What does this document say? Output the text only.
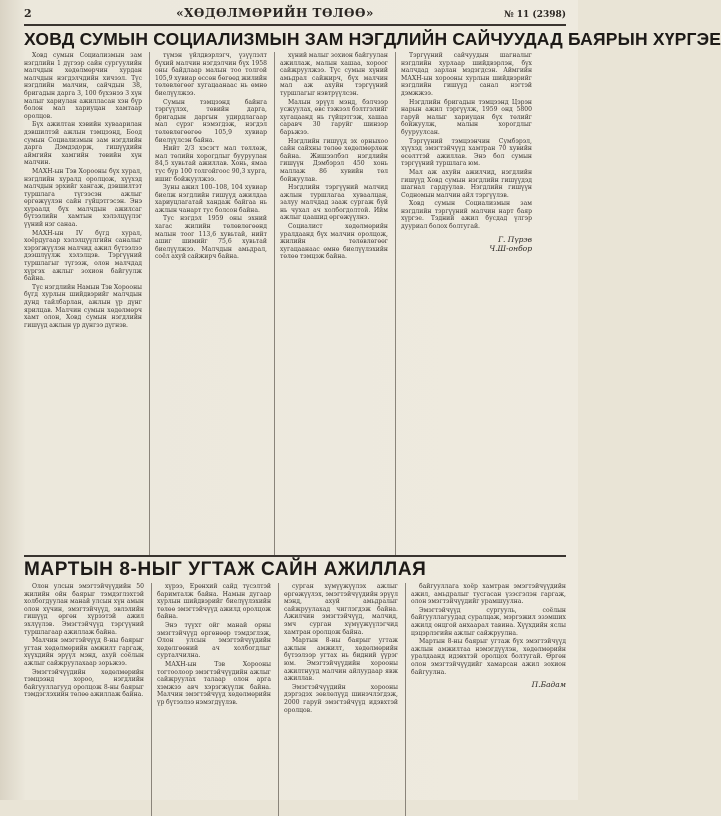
2	«ХӨДӨЛМӨРИЙН ТӨЛӨӨ»	№ 11 (2398)
ХОВД СУМЫН СОЦИАЛИЗМЫН ЗАМ НЭГДЛИЙН САЙЧУУДАД БАЯРЫН ХҮРГЭЕ

Ховд сумын Социализмын зам нэгдлийн 1 дүгээр сайн сургуулийн малчдын хөдөлмөрчин хурдан малчдын нэгдэлчдийн хичээл. Түс нэгдлийн малчин, сайчдын 38, бригадын дарга 3, 100 бүхэнээ 3 хүн малыг хариулан ажилласан хэн бүр болон мал хариуцан хамтаар оролцов.

Бүх ажилтан хэвийн хуваарилан дэвшилтэй ажлын тэмцээнд, Боод сумын Социализмын зам нэгдлийн дарга Дэмдэдорж, гишүүдийн аймгийн хамгийн төвийн хүн малчин.

МАХН-ын Тэв Хорооны бүх хурал, нэгдлийн хуралд оролцож, хүүхэд малчдын эрхийг хангаж, дэвшилтэт туршлага түгээсэн ажлыг өргөжүүлэн сайн гүйцэтгэсэн. Энэ хураалд бүх малчдын ажилсаг бүтээлийн хамтын хэлэлцүүлэг үүний нэг санаа.

МАХН-ын IV бүгд хурал, хоёрдугаар хэлэлцүүлгийн саналыг хэрэгжүүлэн малчид ажил бүтээлээ дээшлүүлж хэлэлцэв. Тэргүүний туршлагыг түгээж, олон малчдад хүргэх ажлыг зохион байгуулж байна.

Түс нэгдлийн Намын Тэв Хорооны бүгд хурлын шийдвэрийг малчдын дунд тайлбарлан, ажлын үр дүнг ярилцав. Малчин сумын хөдөлмөрч хамт олон, Ховд сумын нэгдлийн гишүүд ажлын үр дүнгээ дүгнэв.

түмэн үйлдвэрлэгч, үзүүлэлт бүхий малчин нэгдэлчин бүх 1958 оны байдлаар малын тоо толгой 105,9 хувиар өссөн бөгөөд жилийн төлөвлөгөөг хугацаанаас нь өмнө биелүүлжээ.

Сумын тэмцээнд байнга тэргүүлэх, төвийн дарга, бригадын даргын удирдлагаар мал сүрэг нэмэгдэж, нэгдэл төлөвлөгөөгөө 105,9 хувиар биелүүлсэн байна.

Нийт 2/3 хэсэгт мал төллөж, мал төлийн хорогдлыг бууруулан 84,5 хувьтай ажиллав. Хонь, ямаа тус бүр 100 толгойгоос 90,3 хурга, ишиг бойжуулжээ.

Зуны ажил 100–108, 104 хувиар биелж нэгдлийн гишүүд ажилдаа хариуцлагатай хандаж байгаа нь ажлын чанарт тус болсон байна.

Тус нэгдэл 1959 оны эхний хагас жилийн төлөвлөгөөнд малын тоог 113,6 хувьтай, нийт ашиг шимийг 75,6 хувьтай биелүүлжээ. Малчдын амьдрал, соёл ахуй сайжирч байна.

хүний малыг зохион байгуулан ажиллаж, малын хашаа, хороог сайжруулжээ. Түс сумын хүний амьдрал сайжирч, бүх малчин мал аж ахуйн тэргүүний туршлагыг нэвтрүүлсэн.

Малын эрүүл мэнд, бэлчээр усжуулах, өвс тэжээл бэлтгэлийг хугацаанд нь гүйцэтгэж, хашаа саравч 30 гаруйг шинээр барьжээ.

Нэгдлийн гишүүд эх орныхоо сайн сайхны төлөө хөдөлмөрлөж байна. Жишээлбэл нэгдлийн гишүүн Дэмбэрэл 450 хонь маллаж 86 хувийн төл бойжуулав.

Нэгдлийн тэргүүний малчид ажлын туршлагаа хуваалцан, залуу малчдад зааж сургаж буй нь чухал ач холбогдолтой. Ийм ажлыг цаашид өргөжүүлнэ.

Социалист хөдөлмөрийн уралдаанд бүх малчин оролцож, жилийн төлөвлөгөөг хугацаанаас өмнө биелүүлэхийн төлөө тэмцэж байна.

Тэргүүний сайчуудын шагналыг нэгдлийн хурлаар шийдвэрлэн, бүх малчдад зарлан мэдэгдсэн. Аймгийн МАХН-ын хорооны хурлын шийдвэрийг нэгдлийн гишүүд санал нэгтэй дэмжжээ.

Нэгдлийн бригадын тэмцээнд Цэрэн нарын ажил тэргүүлж, 1959 онд 5800 гаруй малыг хариуцан бүх төлийг бойжуулж, малын хорогдлыг бууруулсан.

Тэргүүний тэмцээнчин Сумбэрэл, хүүхэд эмэгтэйчүүд хамтран 70 хувийн өсөлттэй ажиллав. Энэ бол сумын тэргүүний туршлага юм.

Мал аж ахуйн ажилчид, нэгдлийн гишүүд Ховд сумын нэгдлийн гишүүдэд шагнал гардуулав. Нэгдлийн гишүүн Содномын малчин айл тэргүүлэв.

Ховд сумын Социализмын зам нэгдлийн тэргүүний малчин нарт баяр хүргэе. Тэдний ажил бусдад үлгэр дууриал болох болтугай.

Г. Пүрэв
Ч.Ш-онбор
МАРТЫН 8-НЫГ УГТАЖ САЙН АЖИЛЛАЯ

Олон улсын эмэгтэйчүүдийн 50 жилийн ойн баярыг тэмдэглэхтэй холбогдуулан манай улсын хүн амын олон хүчин, эмэгтэйчүүд, эвлэлийн гишүүд өргөн хүрээтэй ажил эхлүүлэв. Эмэгтэйчүүд тэргүүний туршлагаар ажиллаж байна.

Малчин эмэгтэйчүүд 8-ны баярыг угтан хөдөлмөрийн амжилт гаргаж, хүүхдийн эрүүл мэнд, ахуй соёлын ажлыг сайжруулахаар зорьжээ.

Эмэгтэйчүүдийн хөдөлмөрийн тэмцээнд хороо, нэгдлийн байгууллагууд оролцож 8-ны баярыг тэмдэглэхийн төлөө ажиллаж байна.

хүрээ, Ерөнхий сайд түсэлтэй баримталж байна. Намын дугаар хурлын шийдвэрийг биелүүлэхийн төлөө эмэгтэйчүүд ажилд оролцож байна.

Энэ түүхт ойг манай орны эмэгтэйчүүд өргөнөөр тэмдэглэж, Олон улсын эмэгтэйчүүдийн хөдөлгөөний ач холбогдлыг сурталчилна.

МАХН-ын Тэв Хорооны тогтоолоор эмэгтэйчүүдийн ажлыг сайжруулах талаар олон арга хэмжээ авч хэрэгжүүлж байна. Малчин эмэгтэйчүүд хөдөлмөрийн үр бүтээлээ нэмэгдүүлэв.

сурган хүмүүжүүлэх ажлыг өргөжүүлэх, эмэгтэйчүүдийн эрүүл мэнд, ахуй амьдралыг сайжруулахад чиглэгдэж байна. Ажилчин эмэгтэйчүүд, малчид, эмч сурган хүмүүжүүлэгчид хамтран оролцож байна.

Мартын 8-ны баярыг угтаж ажлын амжилт, хөдөлмөрийн бүтээлээр угтах нь бидний үүрэг юм. Эмэгтэйчүүдийн хорооны ажилтнууд малчин айлуудаар явж ажиллав.

Эмэгтэйчүүдийн хорооны дэргэдэх зөвлөлүүд шинэчлэгдэж, 2000 гаруй эмэгтэйчүүд идэвхтэй оролцов.

байгууллага хоёр хамтран эмэгтэйчүүдийн ажил, амьдралыг тусгасан үзэсгэлэн гаргаж, олон эмэгтэйчүүдийг урамшуулна.

Эмэгтэйчүүд сургууль, соёлын байгууллагуудад суралцаж, мэргэжил эзэмших ажилд онцгой анхаарал тавина. Хүүхдийн яслы цэцэрлэгийн ажлыг сайжруулна.

Мартын 8-ны баярыг угтаж бүх эмэгтэйчүүд ажлын амжилтаа нэмэгдүүлэн, хөдөлмөрийн уралдаанд идэвхтэй оролцох болтугай. Өргөн олон эмэгтэйчүүдийг хамарсан ажил зохион байгуулна.

П.Бадам
